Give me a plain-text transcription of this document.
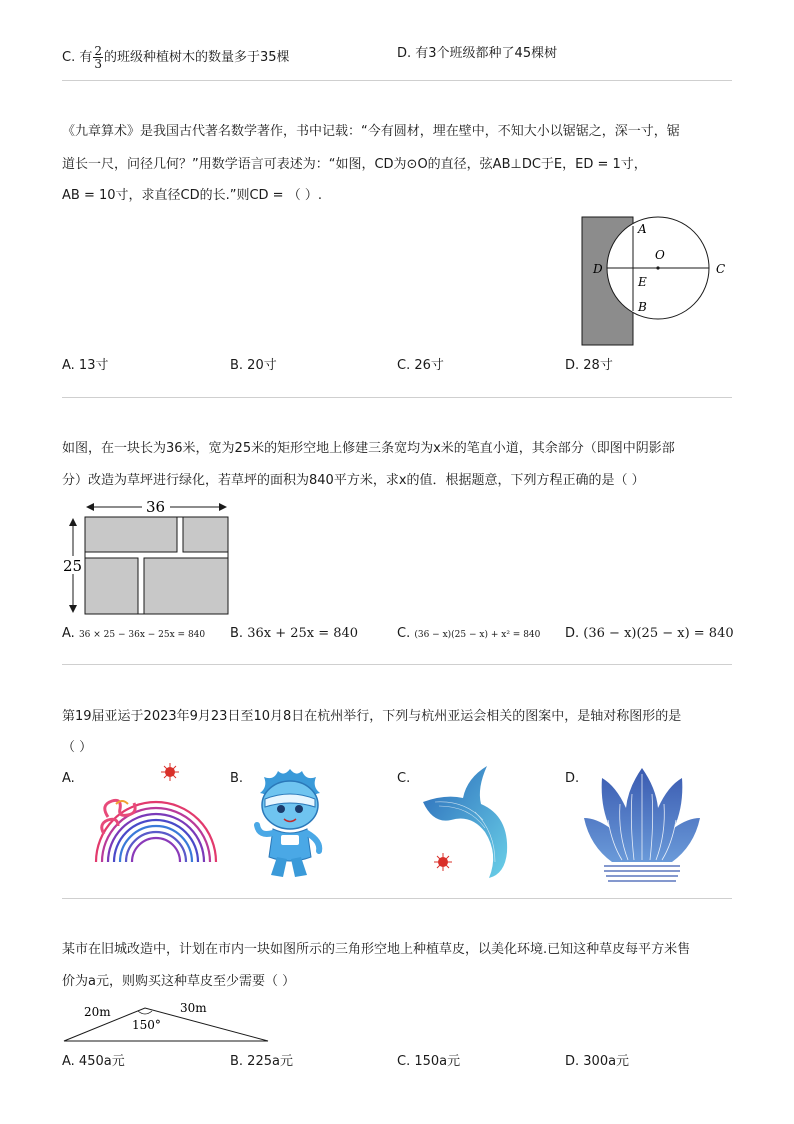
C. 有 $\frac{2}{3}$ 的班级种植树木的数量多于35棵	D. 有3个班级都种了45棵树
《九章算术》是我国古代著名数学著作，书中记载：“今有圆材，埋在壁中，不知大小以锯锯之，深一寸，锯
道长一尺，问径几何？”用数学语言可表述为：“如图，CD为⊙O的直径，弦AB⊥DC于E，ED = 1寸，
AB = 10寸，求直径CD的长.”则CD = （ ）.
A
O
D
E
C
B
A. 13寸	B. 20寸	C. 26寸	D. 28寸
如图，在一块长为36米，宽为25米的矩形空地上修建三条宽均为x米的笔直小道，其余部分（即图中阴影部
分）改造为草坪进行绿化，若草坪的面积为840平方米，求x的值．根据题意，下列方程正确的是（ ）
36
25
A. 36 × 25 − 36x − 25x = 840 B. 36x + 25x = 840	C. (36 − x)(25 − x) + x² = 840 D. (36 − x)(25 − x) = 840
第19届亚运于2023年9月23日至10月8日在杭州举行，下列与杭州亚运会相关的图案中，是轴对称图形的是
（ ）
A.	B.	C.	D.
某市在旧城改造中，计划在市内一块如图所示的三角形空地上种植草皮，以美化环境.已知这种草皮每平方米售
价为a元，则购买这种草皮至少需要（ ）
20m	30m
150°
A. 450a元	B. 225a元	C. 150a元	D. 300a元
